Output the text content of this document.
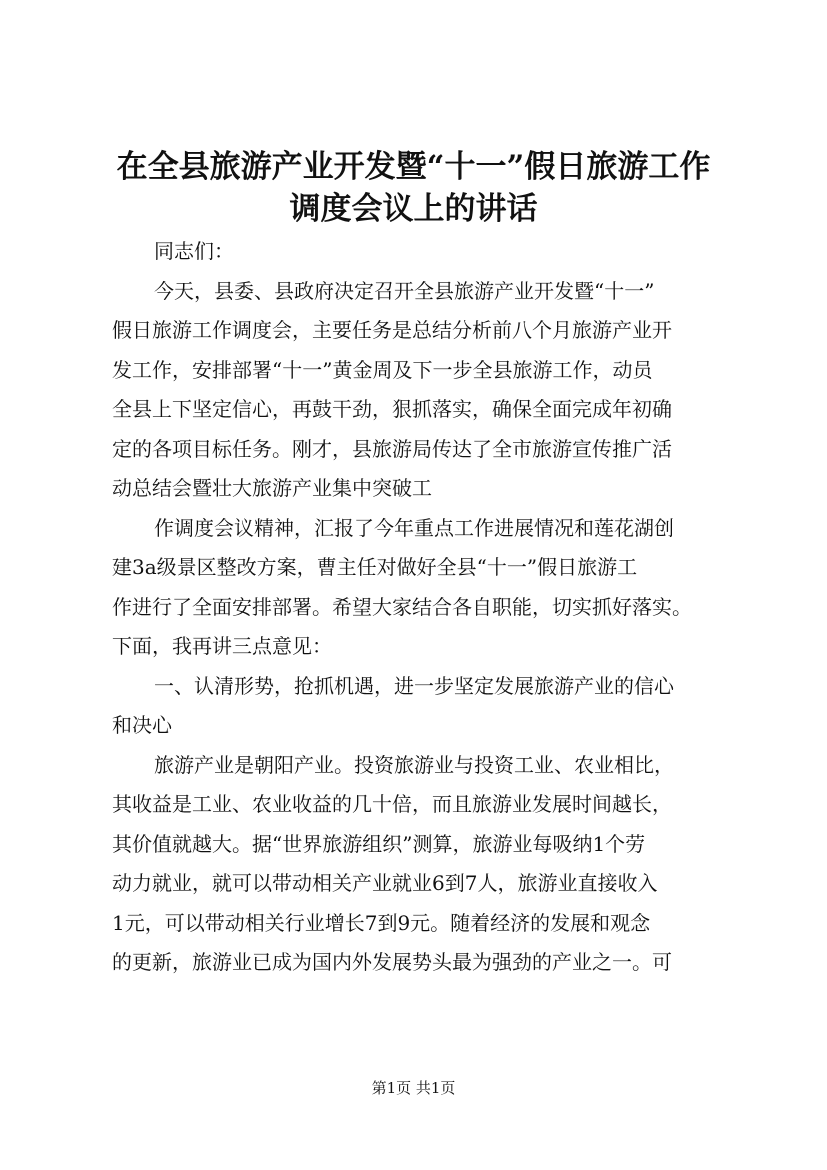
在全县旅游产业开发暨“十一”假日旅游工作
调度会议上的讲话
同志们：
今天，县委、县政府决定召开全县旅游产业开发暨“十一”
假日旅游工作调度会，主要任务是总结分析前八个月旅游产业开
发工作，安排部署“十一”黄金周及下一步全县旅游工作，动员
全县上下坚定信心，再鼓干劲，狠抓落实，确保全面完成年初确
定的各项目标任务。刚才，县旅游局传达了全市旅游宣传推广活
动总结会暨壮大旅游产业集中突破工
作调度会议精神，汇报了今年重点工作进展情况和莲花湖创
建3a级景区整改方案，曹主任对做好全县“十一”假日旅游工
作进行了全面安排部署。希望大家结合各自职能，切实抓好落实。
下面，我再讲三点意见：
一、认清形势，抢抓机遇，进一步坚定发展旅游产业的信心
和决心
旅游产业是朝阳产业。投资旅游业与投资工业、农业相比，
其收益是工业、农业收益的几十倍，而且旅游业发展时间越长，
其价值就越大。据“世界旅游组织”测算，旅游业每吸纳1个劳
动力就业，就可以带动相关产业就业6到7人，旅游业直接收入
1元，可以带动相关行业增长7到9元。随着经济的发展和观念
的更新，旅游业已成为国内外发展势头最为强劲的产业之一。可
第1页 共1页
